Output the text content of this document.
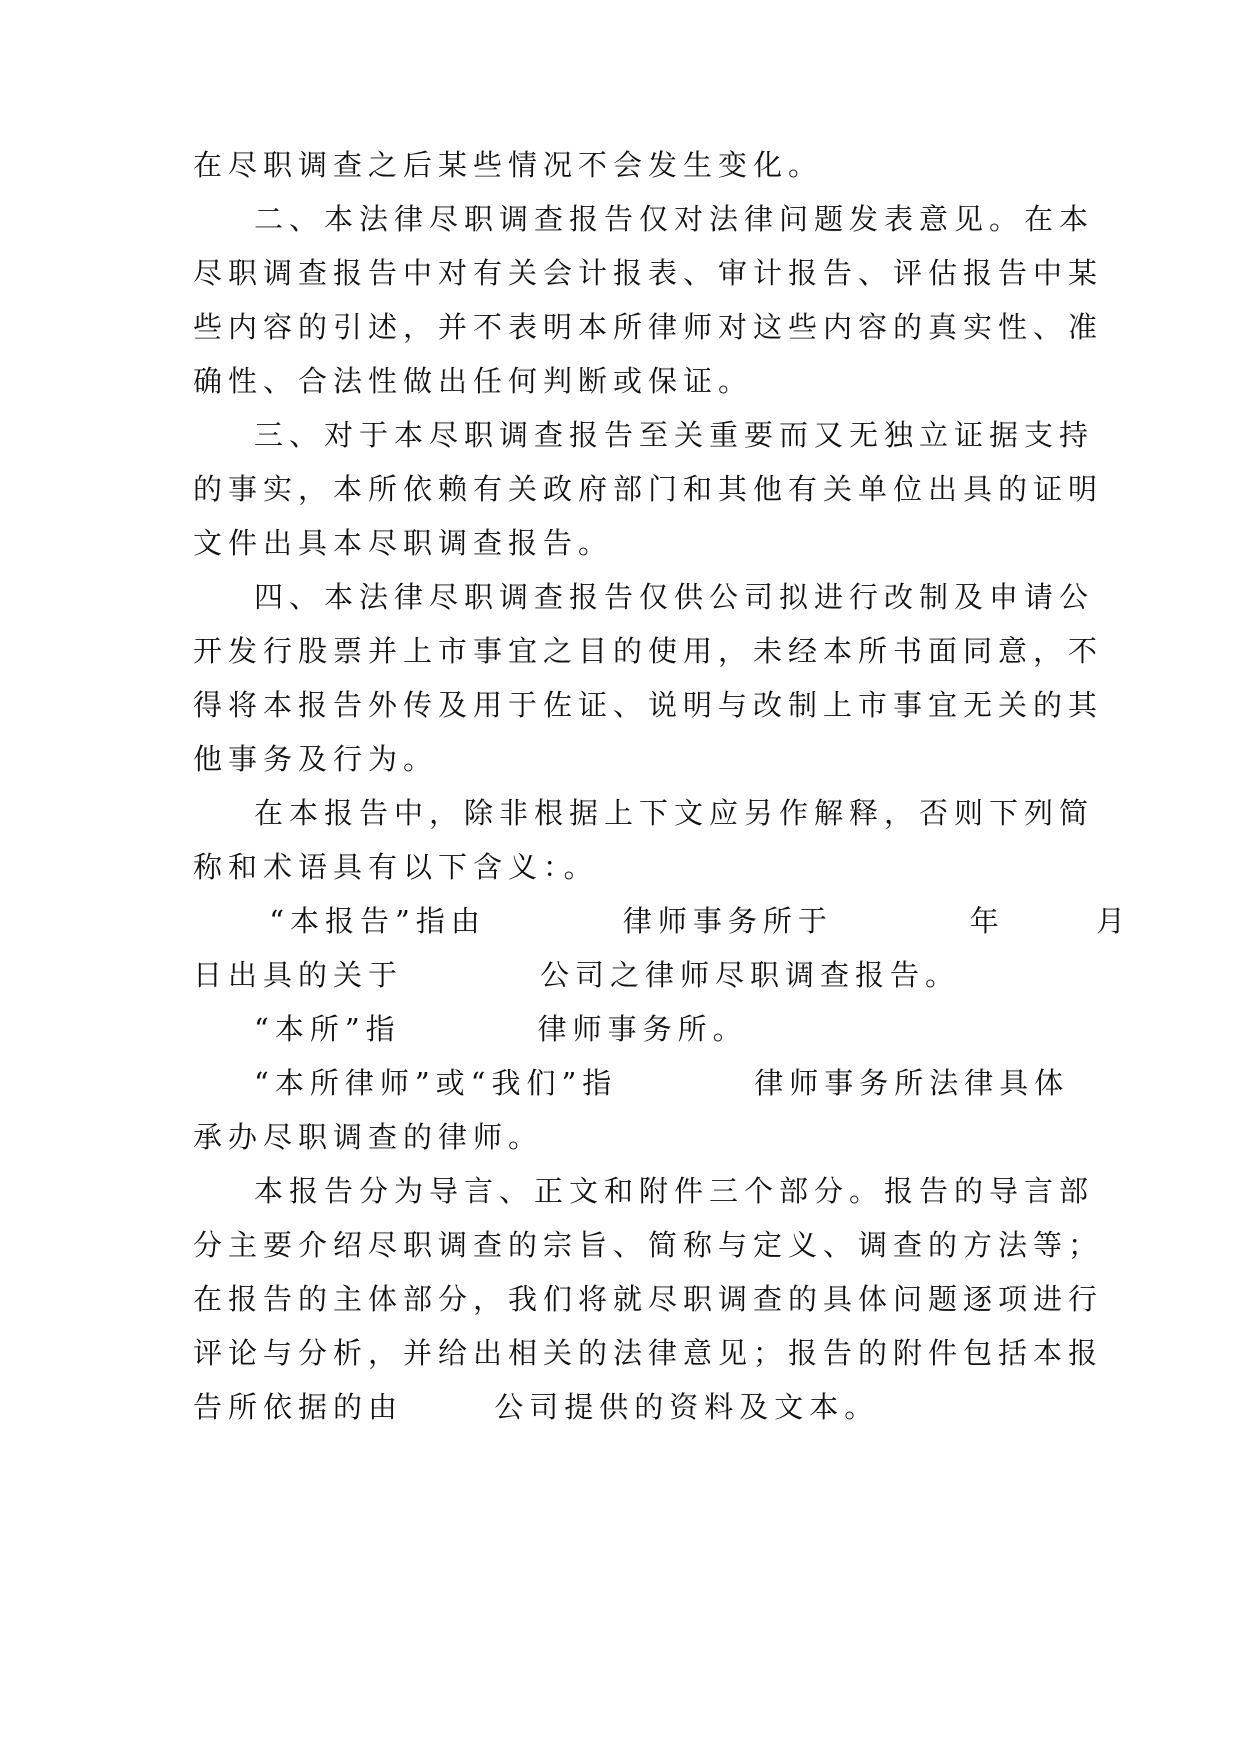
在尽职调查之后某些情况不会发生变化。
二、本法律尽职调查报告仅对法律问题发表意见。在本
尽职调查报告中对有关会计报表、审计报告、评估报告中某
些内容的引述，并不表明本所律师对这些内容的真实性、准
确性、合法性做出任何判断或保证。
三、对于本尽职调查报告至关重要而又无独立证据支持
的事实，本所依赖有关政府部门和其他有关单位出具的证明
文件出具本尽职调查报告。
四、本法律尽职调查报告仅供公司拟进行改制及申请公
开发行股票并上市事宜之目的使用，未经本所书面同意，不
得将本报告外传及用于佐证、说明与改制上市事宜无关的其
他事务及行为。
在本报告中，除非根据上下文应另作解释，否则下列简
称和术语具有以下含义：。
“本报告”指由         律师事务所于         年      月
日出具的关于         公司之律师尽职调查报告。
“本所”指         律师事务所。
“本所律师”或“我们”指         律师事务所法律具体
承办尽职调查的律师。
本报告分为导言、正文和附件三个部分。报告的导言部
分主要介绍尽职调查的宗旨、简称与定义、调查的方法等；
在报告的主体部分，我们将就尽职调查的具体问题逐项进行
评论与分析，并给出相关的法律意见；报告的附件包括本报
告所依据的由      公司提供的资料及文本。
